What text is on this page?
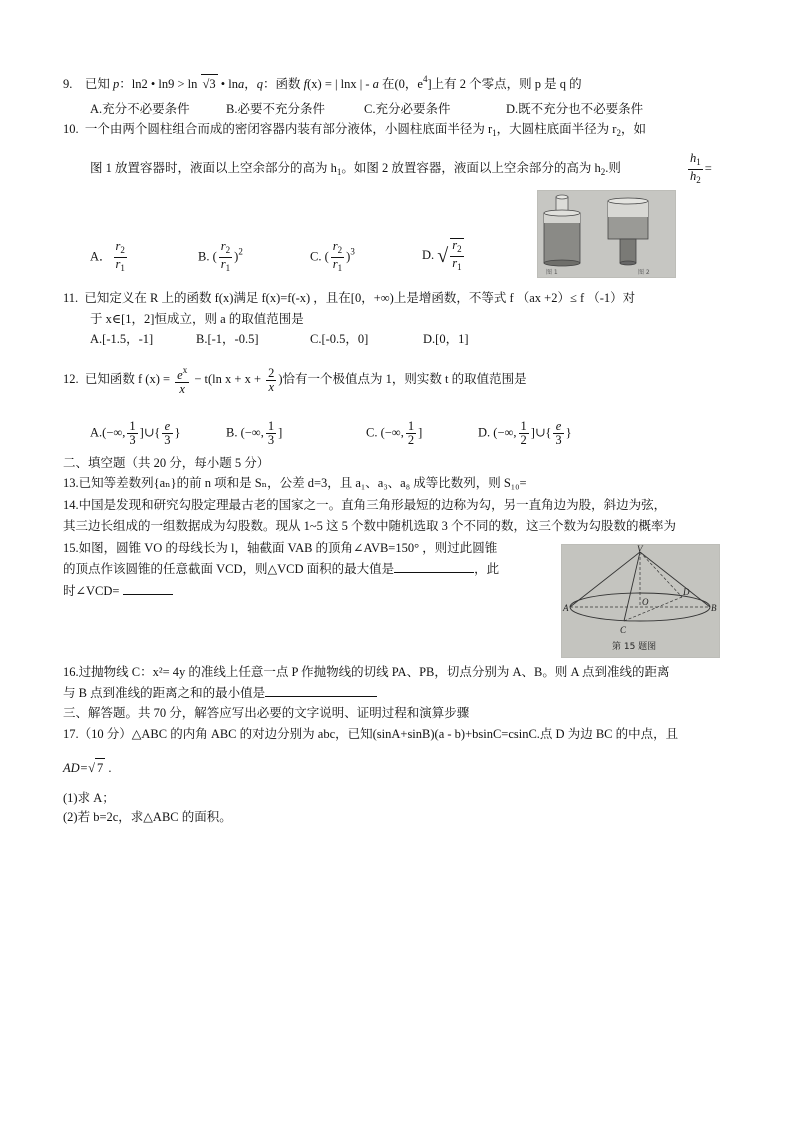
9. 已知 p：ln2 • ln9 > ln √3 • lna，q：函数 f(x) = | lnx | - a 在(0，$e^4$]上有 2 个零点，则 p 是 q 的
A.充分不必要条件	B.必要不充分条件	C.充分必要条件	D.既不充分也不必要条件
10. 一个由两个圆柱组合而成的密闭容器内装有部分液体，小圆柱底面半径为 $r_1$，大圆柱底面半径为 $r_2$，如
图 1 放置容器时，液面以上空余部分的高为 $h_1$。如图 2 放置容器，液面以上空余部分的高为 $h_2$.则	$\frac{h_1}{h_2}$ =
图 1	图 2
A． $\frac{r_2}{r_1}$	B. ( $\frac{r_2}{r_1} )^2$	C. ( $\frac{r_2}{r_1} )^3$	D. √ $\frac{r_2}{r_1}$
11. 已知定义在 R 上的函数 f(x)满足 f(x)=f(-x) ，且在[0，+∞)上是增函数，不等式 f （ax +2）≤ f （-1）对
于 x∈[1，2]恒成立，则 a 的取值范围是
A.[-1.5，-1]	B.[-1，-0.5]	C.[-0.5，0]	D.[0，1]
12. 已知函数 f $(x) = \frac{e^x}{x} - t(\ln$ $x + x + \frac{2}{x}$ )恰有一个极值点为 1，则实数 t 的取值范围是
A.(−∞, $\frac{1}{3}$ ]∪{ $\frac{e}{3}$ }	B. (−∞, $\frac{1}{3}$ ]	C. (−∞, $\frac{1}{2}$ ]	D. (−∞, $\frac{1}{2}$ ]∪{ $\frac{e}{3}$ }
二、填空题（共 20 分，每小题 5 分）
13.已知等差数列{aₙ}的前 n 项和是 Sₙ，公差 d=3，且 a₁、a₃、a₈ 成等比数列，则 S₁₀=
14.中国是发现和研究勾股定理最古老的国家之一。直角三角形最短的边称为勾，另一直角边为股，斜边为弦，
其三边长组成的一组数据成为勾股数。现从 1~5 这 5 个数中随机选取 3 个不同的数，这三个数为勾股数的概率为
15.如图，圆锥 VO 的母线长为 l，轴截面 VAB 的顶角∠AVB=150° ，则过此圆锥
的顶点作该圆锥的任意截面 VCD，则△VCD 面积的最大值是	，此
时∠VCD=
V
A	B
O
D
C
第 15 题图
16.过抛物线 C：x²= 4y 的准线上任意一点 P 作抛物线的切线 PA、PB，切点分别为 A、B。则 A 点到准线的距离
与 B 点到准线的距离之和的最小值是
三、解答题。共 70 分，解答应写出必要的文字说明、证明过程和演算步骤
17.（10 分）△ABC 的内角 ABC 的对边分别为 abc，已知(sinA+sinB)(a - b)+bsinC=csinC.点 D 为边 BC 的中点，且
AD=√ 7 .
(1)求 A；
(2)若 b=2c，求△ABC 的面积。
